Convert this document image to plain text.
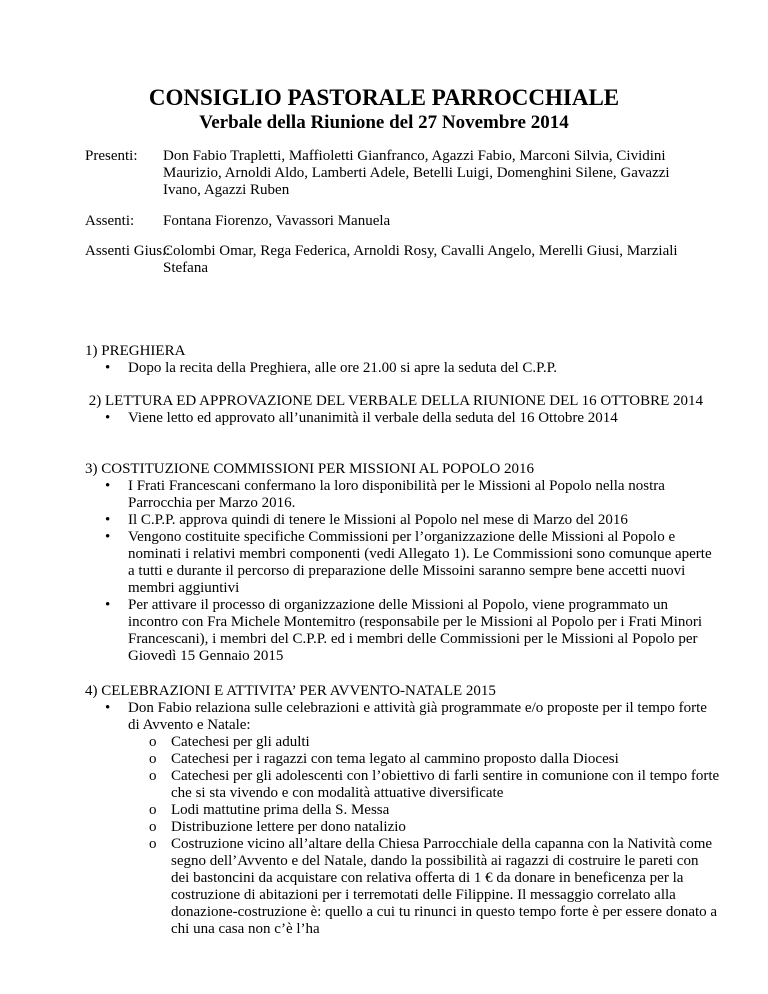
CONSIGLIO PASTORALE PARROCCHIALE
Verbale della Riunione del 27 Novembre 2014
Presenti: Don Fabio Trapletti, Maffioletti Gianfranco, Agazzi Fabio, Marconi Silvia, Cividini Maurizio, Arnoldi Aldo, Lamberti Adele, Betelli Luigi, Domenghini Silene, Gavazzi Ivano, Agazzi Ruben
Assenti: Fontana Fiorenzo, Vavassori Manuela
Assenti Gius.:
Colombi Omar, Rega Federica, Arnoldi Rosy, Cavalli Angelo, Merelli Giusi, Marziali Stefana

1) PREGHIERA

• Dopo la recita della Preghiera, alle ore 21.00 si apre la seduta del C.P.P.

2) LETTURA ED APPROVAZIONE DEL VERBALE DELLA RIUNIONE DEL 16 OTTOBRE 2014

• Viene letto ed approvato all’unanimità il verbale della seduta del 16 Ottobre 2014

3) COSTITUZIONE COMMISSIONI PER MISSIONI AL POPOLO 2016

• I Frati Francescani confermano la loro disponibilità per le Missioni al Popolo nella nostra Parrocchia per Marzo 2016.
• Il C.P.P. approva quindi di tenere le Missioni al Popolo nel mese di Marzo del 2016
• Vengono costituite specifiche Commissioni per l’organizzazione delle Missioni al Popolo e nominati i relativi membri componenti (vedi Allegato 1). Le Commissioni sono comunque aperte a tutti e durante il percorso di preparazione delle Missoini saranno sempre bene accetti nuovi membri aggiuntivi
• Per attivare il processo di organizzazione delle Missioni al Popolo, viene programmato un incontro con Fra Michele Montemitro (responsabile per le Missioni al Popolo per i Frati Minori Francescani), i membri del C.P.P. ed i membri delle Commissioni per le Missioni al Popolo per Giovedì 15 Gennaio 2015

4) CELEBRAZIONI E ATTIVITA’ PER AVVENTO-NATALE 2015

• Don Fabio relaziona sulle celebrazioni e attività già programmate e/o proposte per il tempo forte di Avvento e Natale:
o Catechesi per gli adulti
o Catechesi per i ragazzi con tema legato al cammino proposto dalla Diocesi
o Catechesi per gli adolescenti con l’obiettivo di farli sentire in comunione con il tempo forte che si sta vivendo e con modalità attuative diversificate
o Lodi mattutine prima della S. Messa
o Distribuzione lettere per dono natalizio
o Costruzione vicino all’altare della Chiesa Parrocchiale della capanna con la Natività come segno dell’Avvento e del Natale, dando la possibilità ai ragazzi di costruire le pareti con dei bastoncini da acquistare con relativa offerta di 1 € da donare in beneficenza per la costruzione di abitazioni per i terremotati delle Filippine. Il messaggio correlato alla donazione-costruzione è: quello a cui tu rinunci in questo tempo forte è per essere donato a chi una casa non c’è l’ha
